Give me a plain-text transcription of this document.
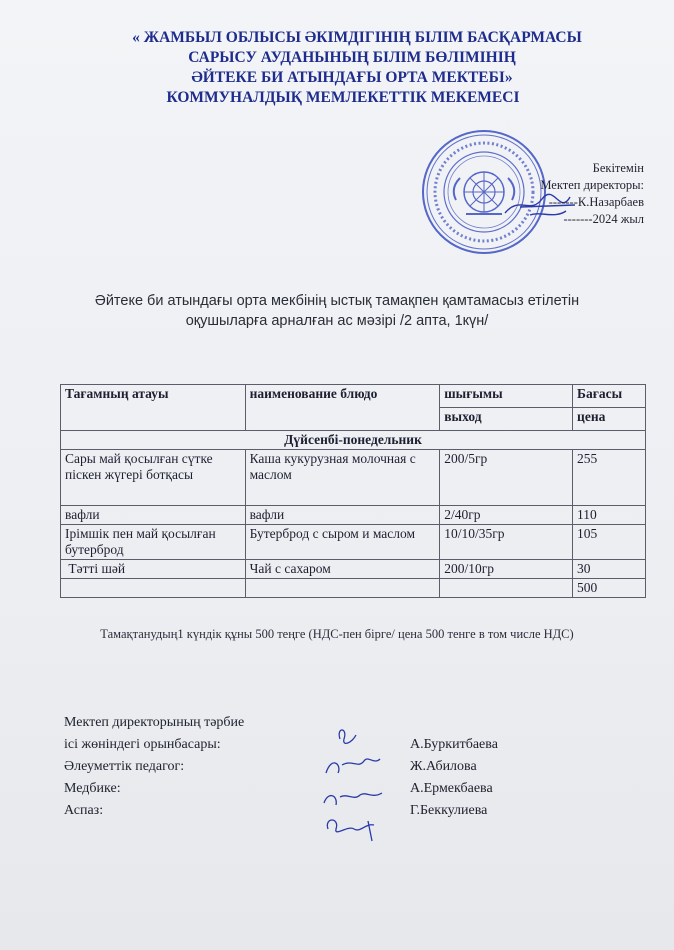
« ЖАМБЫЛ ОБЛЫСЫ ӘКІМДІГІНІҢ БІЛІМ БАСҚАРМАСЫ
САРЫСУ АУДАНЫНЫҢ БІЛІМ БӨЛІМІНІҢ
ӘЙТЕКЕ БИ АТЫНДАҒЫ ОРТА МЕКТЕБІ»
КОММУНАЛДЫҚ МЕМЛЕКЕТТІК МЕКЕМЕСІ
Бекітемін
Мектеп директоры:
-------К.Назарбаев
-------2024 жыл
Әйтеке би атындағы орта мекбінің ыстық тамақпен қамтамасыз етілетін
оқушыларға арналған ас мәзірі /2 апта, 1күн/
Тағамның атауы	наименование блюдо	шығымы	Бағасы
		выход	цена
Дүйсенбі-понедельник			
Сары май қосылған сүтке піскен жүгері ботқасы	Каша кукурузная молочная с маслом	200/5гр	255
вафли	вафли	2/40гр	110
Ірімшік пен май қосылған бутерброд	Бутерброд с сыром и маслом	10/10/35гр	105
Тәтті шәй	Чай с сахаром	200/10гр	30
			500
Тамақтанудың1 күндік құны 500 теңге (НДС-пен бірге/ цена 500 тенге в том числе НДС)
Мектеп директорының тәрбие
ісі жөніндегі орынбасары:	А.Буркитбаева
Әлеуметтік педагог:	Ж.Абилова
Медбике:	А.Ермекбаева
Аспаз:	Г.Беккулиева
